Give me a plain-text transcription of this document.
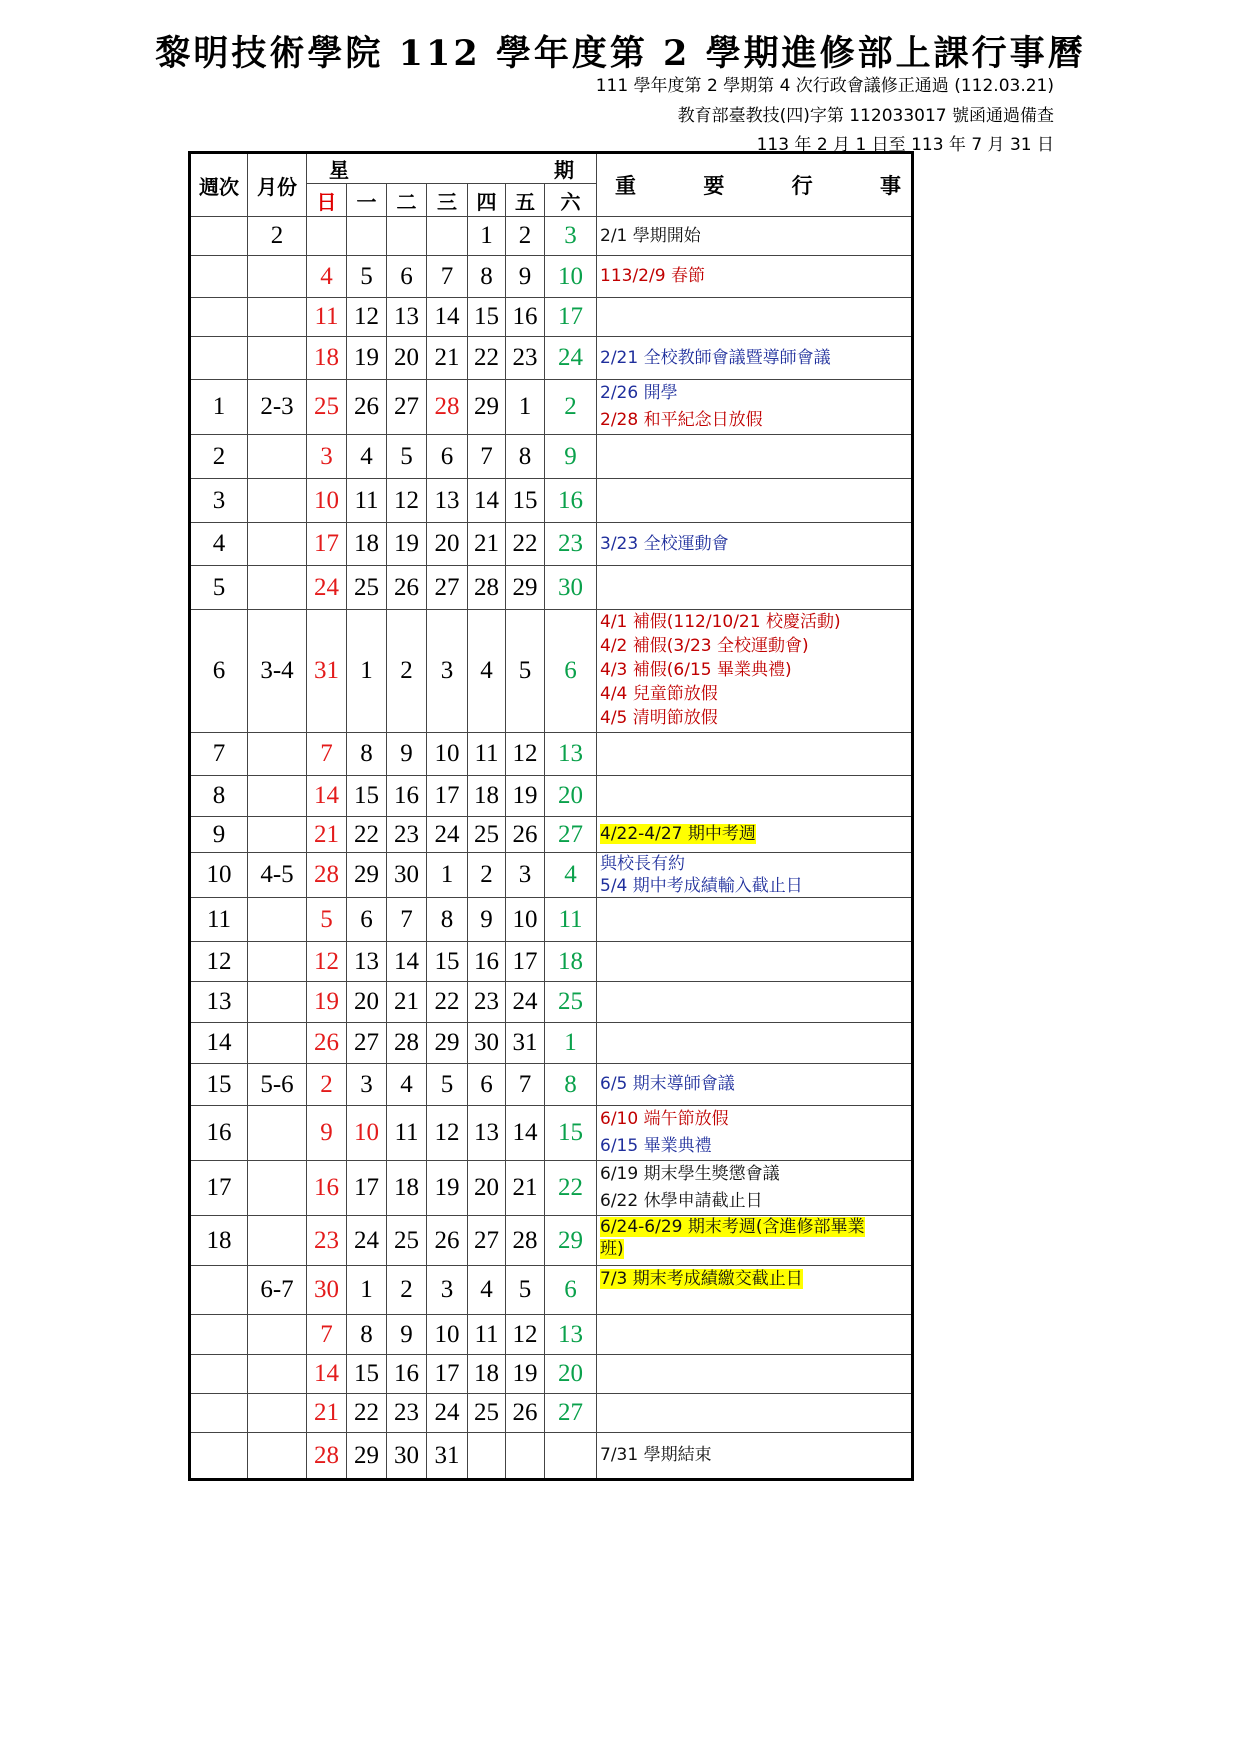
黎明技術學院 112 學年度第 2 學期進修部上課行事曆
111 學年度第 2 學期第 4 次行政會議修正通過 (112.03.21)
教育部臺教技(四)字第 112033017 號函通過備查
113 年 2 月 1 日至 113 年 7 月 31 日
週次	月份	星 期							重 要 行 事

		日	一	二	三	四	五	六	
	2					1	2	3	2/1 學期開始

		4	5	6	7	8	9	10	113/2/9 春節

		11	12	13	14	15	16	17	
		18	19	20	21	22	23	24	2/21 全校教師會議暨導師會議

1	2-3	25	26	27	28	29	1	2	2/26 開學
2/28 和平紀念日放假

2		3	4	5	6	7	8	9	
3		10	11	12	13	14	15	16	
4		17	18	19	20	21	22	23	3/23 全校運動會

5		24	25	26	27	28	29	30	
6	3-4	31	1	2	3	4	5	6	4/1 補假(112/10/21 校慶活動)
4/2 補假(3/23 全校運動會)
4/3 補假(6/15 畢業典禮)
4/4 兒童節放假
4/5 清明節放假

7		7	8	9	10	11	12	13	
8		14	15	16	17	18	19	20	
9		21	22	23	24	25	26	27	4/22-4/27 期中考週

10	4-5	28	29	30	1	2	3	4	與校長有約
5/4 期中考成績輸入截止日

11		5	6	7	8	9	10	11	
12		12	13	14	15	16	17	18	
13		19	20	21	22	23	24	25	
14		26	27	28	29	30	31	1	
15	5-6	2	3	4	5	6	7	8	6/5 期末導師會議

16		9	10	11	12	13	14	15	6/10 端午節放假
6/15 畢業典禮

17		16	17	18	19	20	21	22	6/19 期末學生獎懲會議
6/22 休學申請截止日

18		23	24	25	26	27	28	29	6/24-6/29 期末考週(含進修部畢業
班)

	6-7	30	1	2	3	4	5	6	7/3 期末考成績繳交截止日

		7	8	9	10	11	12	13	
		14	15	16	17	18	19	20	
		21	22	23	24	25	26	27	
		28	29	30	31				7/31 學期結束
